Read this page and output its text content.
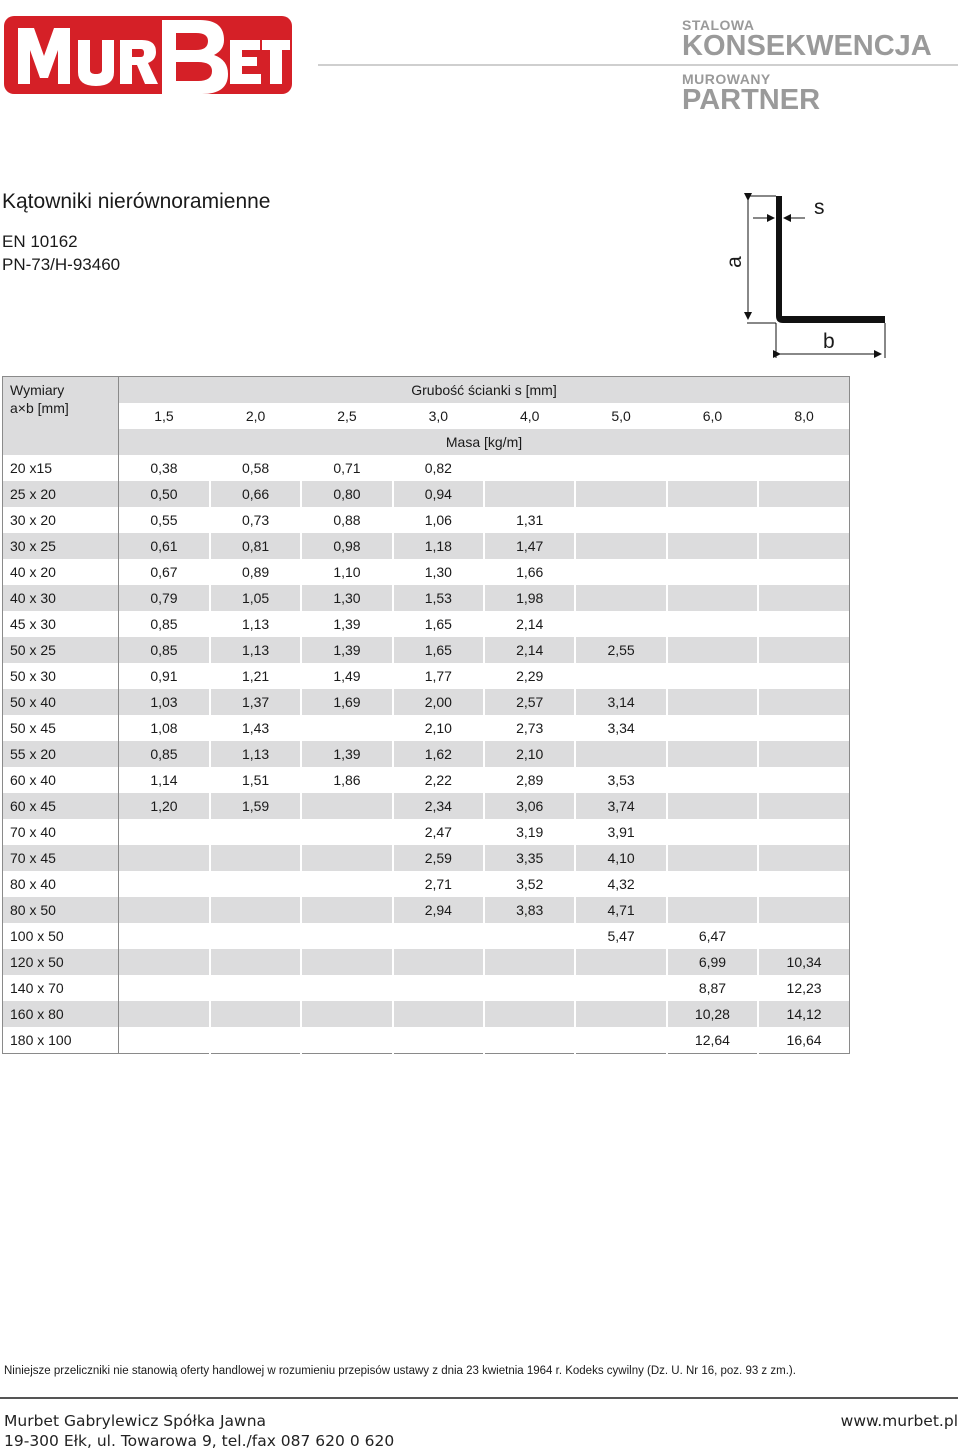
STALOWA
KONSEKWENCJA
MUROWANY
PARTNER
Kątowniki nierównoramienne
EN 10162
PN-73/H-93460	a
s
b
Wymiary
a×b [mm]	Grubość ścianki s [mm]							
	1,5	2,0	2,5	3,0	4,0	5,0	6,0	8,0
	Masa [kg/m]							
20 x15	0,38	0,58	0,71	0,82				
25 x 20	0,50	0,66	0,80	0,94				
30 x 20	0,55	0,73	0,88	1,06	1,31			
30 x 25	0,61	0,81	0,98	1,18	1,47			
40 x 20	0,67	0,89	1,10	1,30	1,66			
40 x 30	0,79	1,05	1,30	1,53	1,98			
45 x 30	0,85	1,13	1,39	1,65	2,14			
50 x 25	0,85	1,13	1,39	1,65	2,14	2,55		
50 x 30	0,91	1,21	1,49	1,77	2,29			
50 x 40	1,03	1,37	1,69	2,00	2,57	3,14		
50 x 45	1,08	1,43		2,10	2,73	3,34		
55 x 20	0,85	1,13	1,39	1,62	2,10			
60 x 40	1,14	1,51	1,86	2,22	2,89	3,53		
60 x 45	1,20	1,59		2,34	3,06	3,74		
70 x 40				2,47	3,19	3,91		
70 x 45				2,59	3,35	4,10		
80 x 40				2,71	3,52	4,32		
80 x 50				2,94	3,83	4,71		
100 x 50						5,47	6,47	
120 x 50							6,99	10,34
140 x 70							8,87	12,23
160 x 80							10,28	14,12
180 x 100							12,64	16,64
Niniejsze przeliczniki nie stanowią oferty handlowej w rozumieniu przepisów ustawy z dnia 23 kwietnia 1964 r. Kodeks cywilny (Dz. U. Nr 16, poz. 93 z zm.).
Murbet Gabrylewicz Spółka Jawna
19-300 Ełk, ul. Towarowa 9, tel./fax 087 620 0 620
www.murbet.pl
